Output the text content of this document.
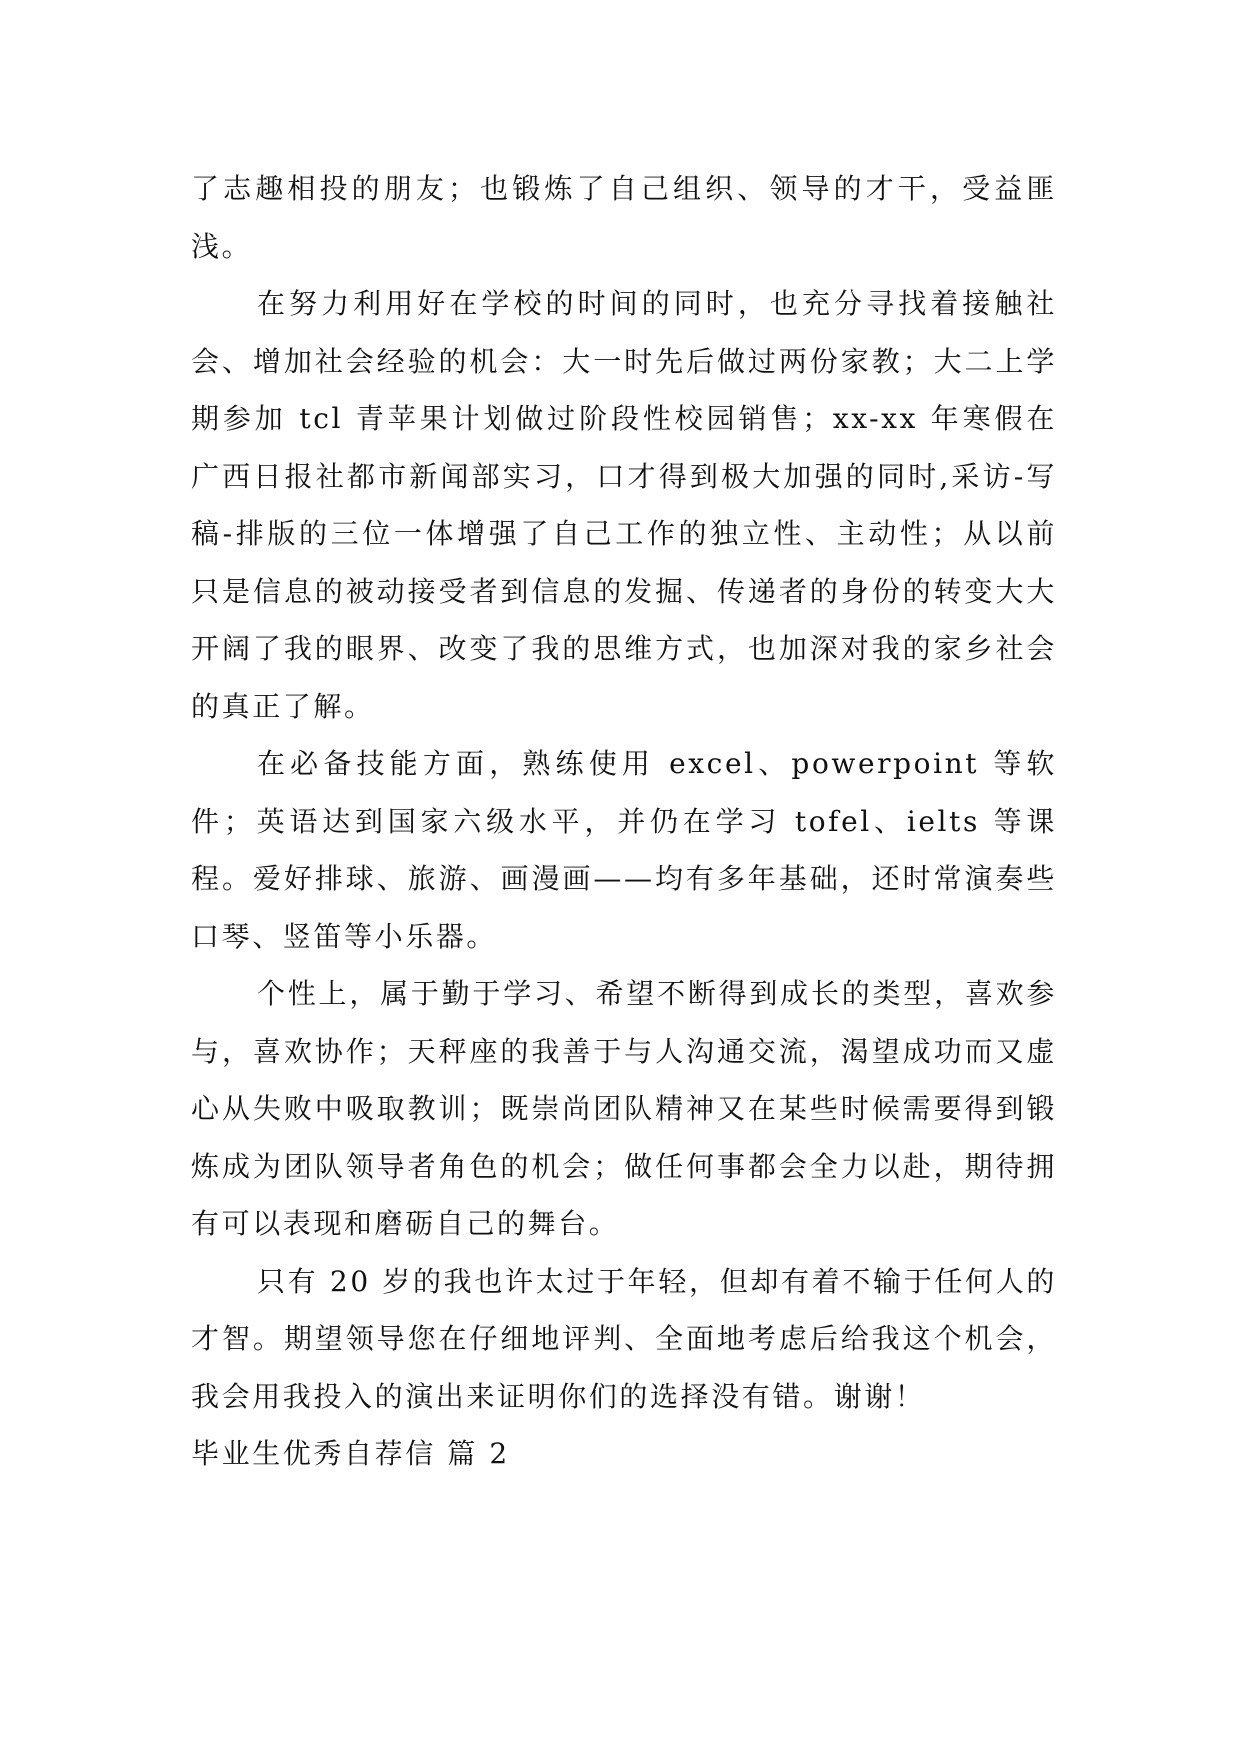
了志趣相投的朋友；也锻炼了自己组织、领导的才干，受益匪浅。

在努力利用好在学校的时间的同时，也充分寻找着接触社会、增加社会经验的机会：大一时先后做过两份家教；大二上学期参加 tcl 青苹果计划做过阶段性校园销售；xx-xx 年寒假在广西日报社都市新闻部实习，口才得到极大加强的同时,采访-写稿-排版的三位一体增强了自己工作的独立性、主动性；从以前只是信息的被动接受者到信息的发掘、传递者的身份的转变大大开阔了我的眼界、改变了我的思维方式，也加深对我的家乡社会的真正了解。

在必备技能方面，熟练使用 excel、powerpoint 等软件；英语达到国家六级水平，并仍在学习 tofel、ielts 等课程。爱好排球、旅游、画漫画——均有多年基础，还时常演奏些口琴、竖笛等小乐器。

个性上，属于勤于学习、希望不断得到成长的类型，喜欢参与，喜欢协作；天秤座的我善于与人沟通交流，渴望成功而又虚心从失败中吸取教训；既崇尚团队精神又在某些时候需要得到锻炼成为团队领导者角色的机会；做任何事都会全力以赴，期待拥有可以表现和磨砺自己的舞台。

只有 20 岁的我也许太过于年轻，但却有着不输于任何人的才智。期望领导您在仔细地评判、全面地考虑后给我这个机会，我会用我投入的演出来证明你们的选择没有错。谢谢！

毕业生优秀自荐信 篇 2
